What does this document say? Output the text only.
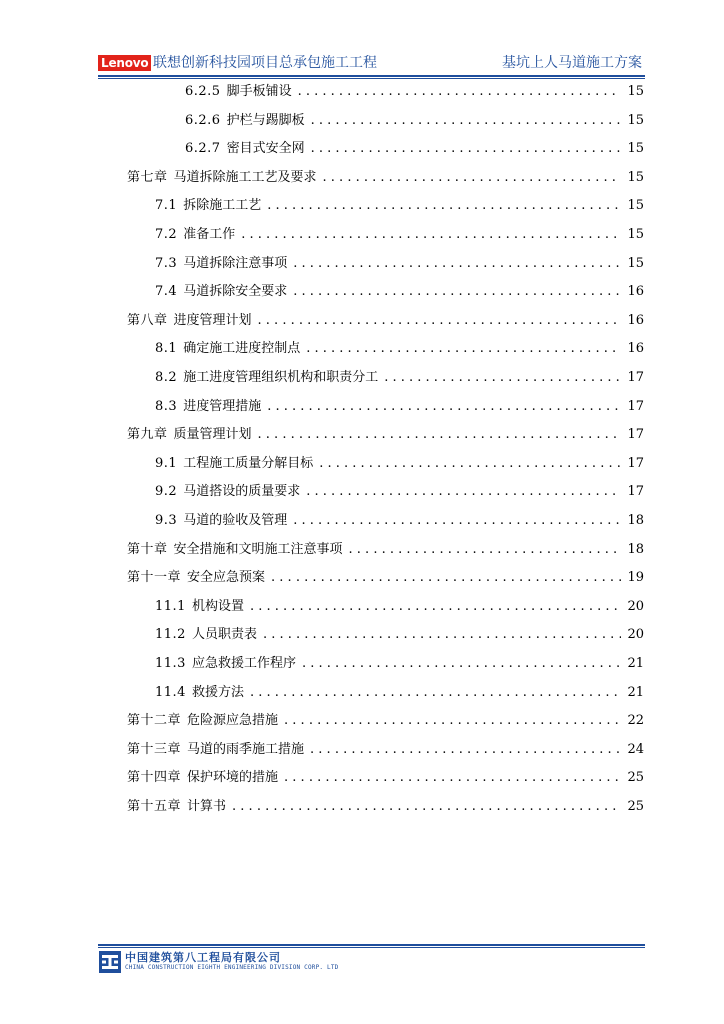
Lenovo 联想创新科技园项目总承包施工工程	基坑上人马道施工方案
6.2.5 脚手板铺设 . . .	15
6.2.6 护栏与踢脚板 . . .	15
6.2.7 密目式安全网 . . .	15
第七章 马道拆除施工工艺及要求 . . .	15
7.1 拆除施工工艺 . . .	15
7.2 准备工作 . . .	15
7.3 马道拆除注意事项 . . .	15
7.4 马道拆除安全要求 . . .	16
第八章 进度管理计划 . . .	16
8.1 确定施工进度控制点 . . .	16
8.2 施工进度管理组织机构和职责分工 . . .	17
8.3 进度管理措施 . . .	17
第九章 质量管理计划 . . .	17
9.1 工程施工质量分解目标 . . .	17
9.2 马道搭设的质量要求 . . .	17
9.3 马道的验收及管理 . . .	18
第十章 安全措施和文明施工注意事项 . . .	18
第十一章 安全应急预案 . . .	19
11.1 机构设置 . . .	20
11.2 人员职责表 . . .	20
11.3 应急救援工作程序 . . .	21
11.4 救援方法 . . .	21
第十二章 危险源应急措施 . . .	22
第十三章 马道的雨季施工措施 . . .	24
第十四章 保护环境的措施 . . .	25
第十五章 计算书 . . .	25
中国建筑第八工程局有限公司
CHINA CONSTRUCTION EIGHTH ENGINEERING DIVISION CORP. LTD
